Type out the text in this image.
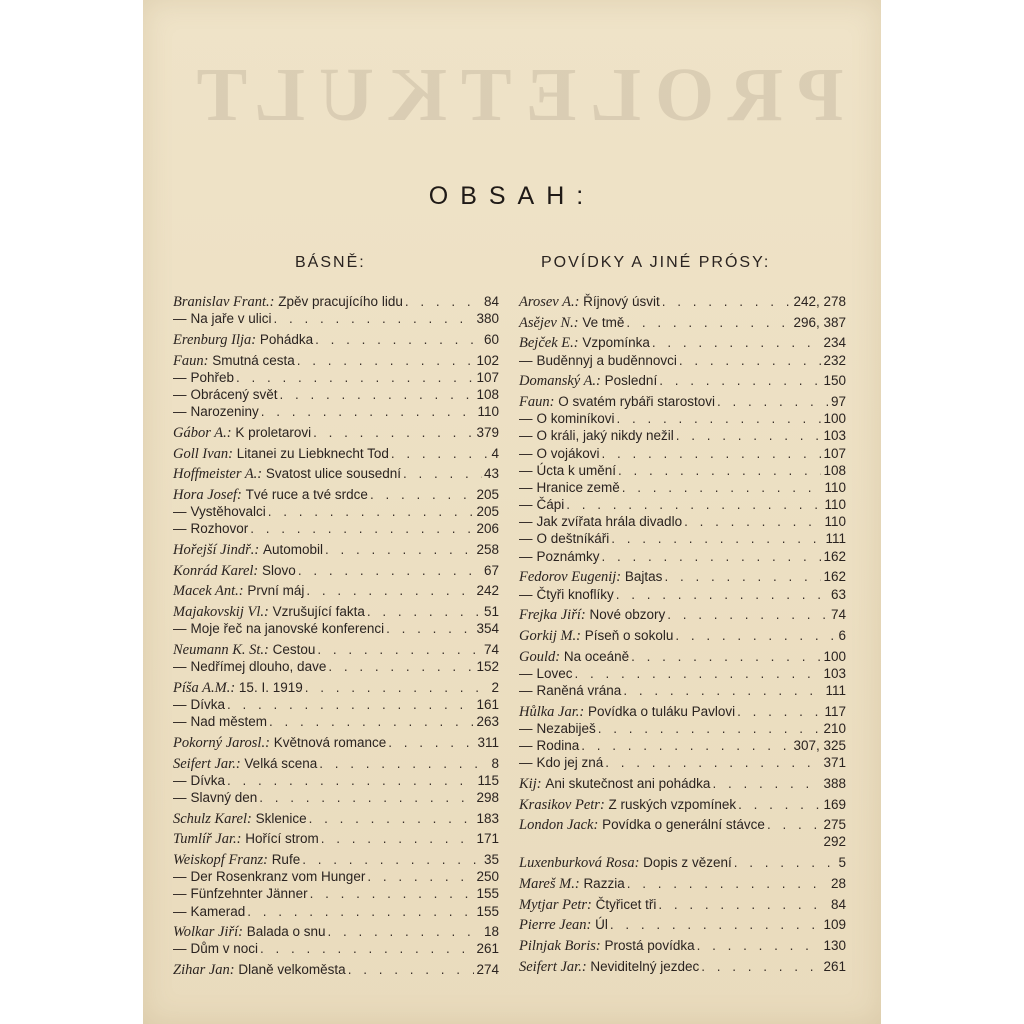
PROLETKULT
OBSAH:
BÁSNĚ:	POVÍDKY A JINÉ PRÓSY:
Branislav Frant.:
Zpěv pracujícího lidu . . .	84
— Na jaře v ulici . . .	380
Erenburg Ilja:
Pohádka . . .	60
Faun:
Smutná cesta . . .	102
— Pohřeb . . .	107
— Obrácený svět . . .	108
— Narozeniny . . .	110
Gábor A.:
K proletarovi . . .	379
Goll Ivan:
Litanei zu Liebknecht Tod . . .	4
Hoffmeister A.:
Svatost ulice sousední . . .	43
Hora Josef:
Tvé ruce a tvé srdce . . .	205
— Vystěhovalci . . .	205
— Rozhovor . . .	206
Hořejší Jindř.:
Automobil . . .	258
Konrád Karel:
Slovo . . .	67
Macek Ant.:
První máj . . .	242
Majakovskij Vl.:
Vzrušující fakta . . .	51
— Moje řeč na janovské konferenci . . .	354
Neumann K. St.:
Cestou . . .	74
— Nedřímej dlouho, dave . . .	152
Píša A.M.:
15. I. 1919 . . .	2
— Dívka . . .	161
— Nad městem . . .	263
Pokorný Jarosl.:
Květnová romance . . .	311
Seifert Jar.:
Velká scena . . .	8
— Dívka . . .	115
— Slavný den . . .	298
Schulz Karel:
Sklenice . . .	183
Tumlíř Jar.:
Hořící strom . . .	171
Weiskopf Franz:
Rufe . . .	35
— Der Rosenkranz vom Hunger . . .	250
— Fünfzehnter Jänner . . .	155
— Kamerad . . .	155
Wolkar Jiří:
Balada o snu . . .	18
— Dům v noci . . .	261
Zihar Jan:
Dlaně velkoměsta . . .	274
Arosev A.:
Říjnový úsvit . . .	242, 278
Asějev N.:
Ve tmě . . .	296, 387
Bejček E.:
Vzpomínka . . .	234
— Buděnnyj a buděnnovci . . .	232
Domanský A.:
Poslední . . .	150
Faun:
O svatém rybáři starostovi . . .	97
— O kominíkovi . . .	100
— O králi, jaký nikdy nežil . . .	103
— O vojákovi . . .	107
— Úcta k umění . . .	108
— Hranice země . . .	110
— Čápi . . .	110
— Jak zvířata hrála divadlo . . .	110
— O deštníkáři . . .	111
— Poznámky . . .	162
Fedorov Eugenij:
Bajtas . . .	162
— Čtyři knoflíky . . .	63
Frejka Jiří:
Nové obzory . . .	74
Gorkij M.:
Píseň o sokolu . . .	6
Gould:
Na oceáně . . .	100
— Lovec . . .	103
— Raněná vrána . . .	111
Hůlka Jar.:
Povídka o tuláku Pavlovi . . .	117
— Nezabiješ . . .	210
— Rodina . . .	307, 325
— Kdo jej zná . . .	371
Kij:
Ani skutečnost ani pohádka . . .	388
Krasikov Petr:
Z ruských vzpomínek . . .	169
London Jack:
Povídka o generální stávce . . .	275
292
Luxenburková Rosa:
Dopis z vězení . . .	5
Mareš M.:
Razzia . . .	28
Mytjar Petr:
Čtyřicet tři . . .	84
Pierre Jean:
Úl . . .	109
Pilnjak Boris:
Prostá povídka . . .	130
Seifert Jar.:
Neviditelný jezdec . . .	261
